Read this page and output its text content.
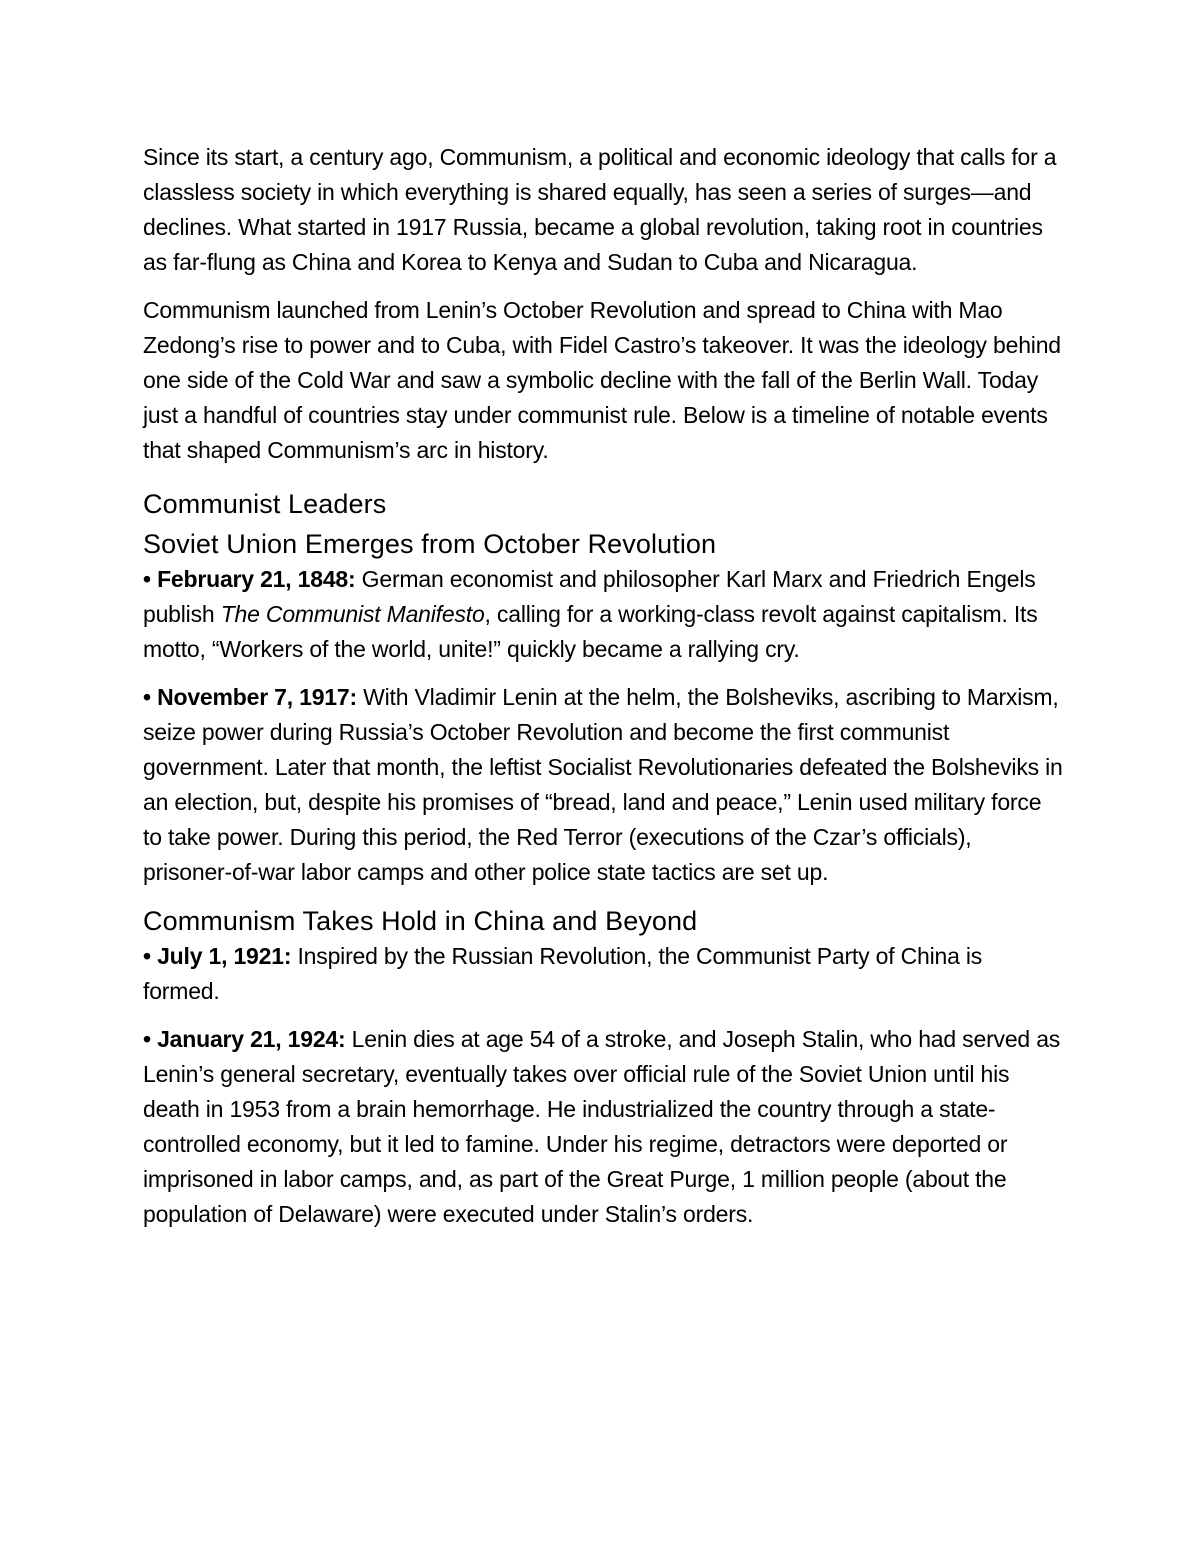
Since its start, a century ago, Communism, a political and economic ideology that calls for a classless society in which everything is shared equally, has seen a series of surges—and declines. What started in 1917 Russia, became a global revolution, taking root in countries as far-flung as China and Korea to Kenya and Sudan to Cuba and Nicaragua.

Communism launched from Lenin’s October Revolution and spread to China with Mao Zedong’s rise to power and to Cuba, with Fidel Castro’s takeover. It was the ideology behind one side of the Cold War and saw a symbolic decline with the fall of the Berlin Wall. Today just a handful of countries stay under communist rule. Below is a timeline of notable events that shaped Communism’s arc in history.

Communist Leaders
Soviet Union Emerges from October Revolution

• February 21, 1848: German economist and philosopher Karl Marx and Friedrich Engels publish The Communist Manifesto, calling for a working-class revolt against capitalism. Its motto, “Workers of the world, unite!” quickly became a rallying cry.

• November 7, 1917: With Vladimir Lenin at the helm, the Bolsheviks, ascribing to Marxism, seize power during Russia’s October Revolution and become the first communist government. Later that month, the leftist Socialist Revolutionaries defeated the Bolsheviks in an election, but, despite his promises of “bread, land and peace,” Lenin used military force to take power. During this period, the Red Terror (executions of the Czar’s officials), prisoner-of-war labor camps and other police state tactics are set up.

Communism Takes Hold in China and Beyond

• July 1, 1921: Inspired by the Russian Revolution, the Communist Party of China is formed.

• January 21, 1924: Lenin dies at age 54 of a stroke, and Joseph Stalin, who had served as Lenin’s general secretary, eventually takes over official rule of the Soviet Union until his death in 1953 from a brain hemorrhage. He industrialized the country through a state-controlled economy, but it led to famine. Under his regime, detractors were deported or imprisoned in labor camps, and, as part of the Great Purge, 1 million people (about the population of Delaware) were executed under Stalin’s orders.
